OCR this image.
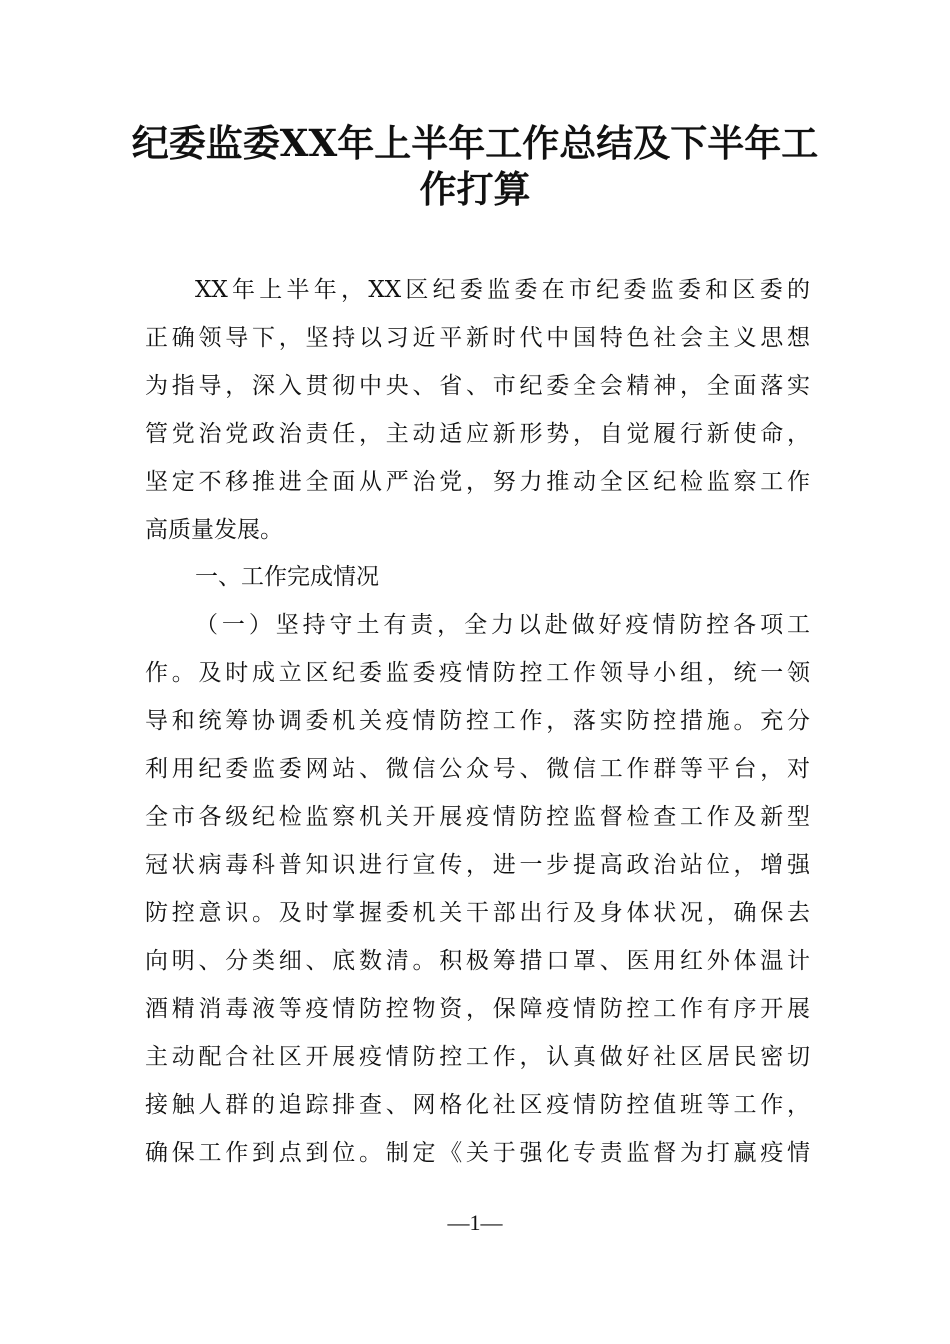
纪委监委XX年上半年工作总结及下半年工
作打算
XX年上半年，XX区纪委监委在市纪委监委和区委的
正确领导下，坚持以习近平新时代中国特色社会主义思想
为指导，深入贯彻中央、省、市纪委全会精神，全面落实
管党治党政治责任，主动适应新形势，自觉履行新使命，
坚定不移推进全面从严治党，努力推动全区纪检监察工作
高质量发展。
一、工作完成情况
（一）坚持守土有责，全力以赴做好疫情防控各项工
作。及时成立区纪委监委疫情防控工作领导小组，统一领
导和统筹协调委机关疫情防控工作，落实防控措施。充分
利用纪委监委网站、微信公众号、微信工作群等平台，对
全市各级纪检监察机关开展疫情防控监督检查工作及新型
冠状病毒科普知识进行宣传，进一步提高政治站位，增强
防控意识。及时掌握委机关干部出行及身体状况，确保去
向明、分类细、底数清。积极筹措口罩、医用红外体温计
酒精消毒液等疫情防控物资，保障疫情防控工作有序开展
主动配合社区开展疫情防控工作，认真做好社区居民密切
接触人群的追踪排查、网格化社区疫情防控值班等工作，
确保工作到点到位。制定《关于强化专责监督为打赢疫情

—1—
